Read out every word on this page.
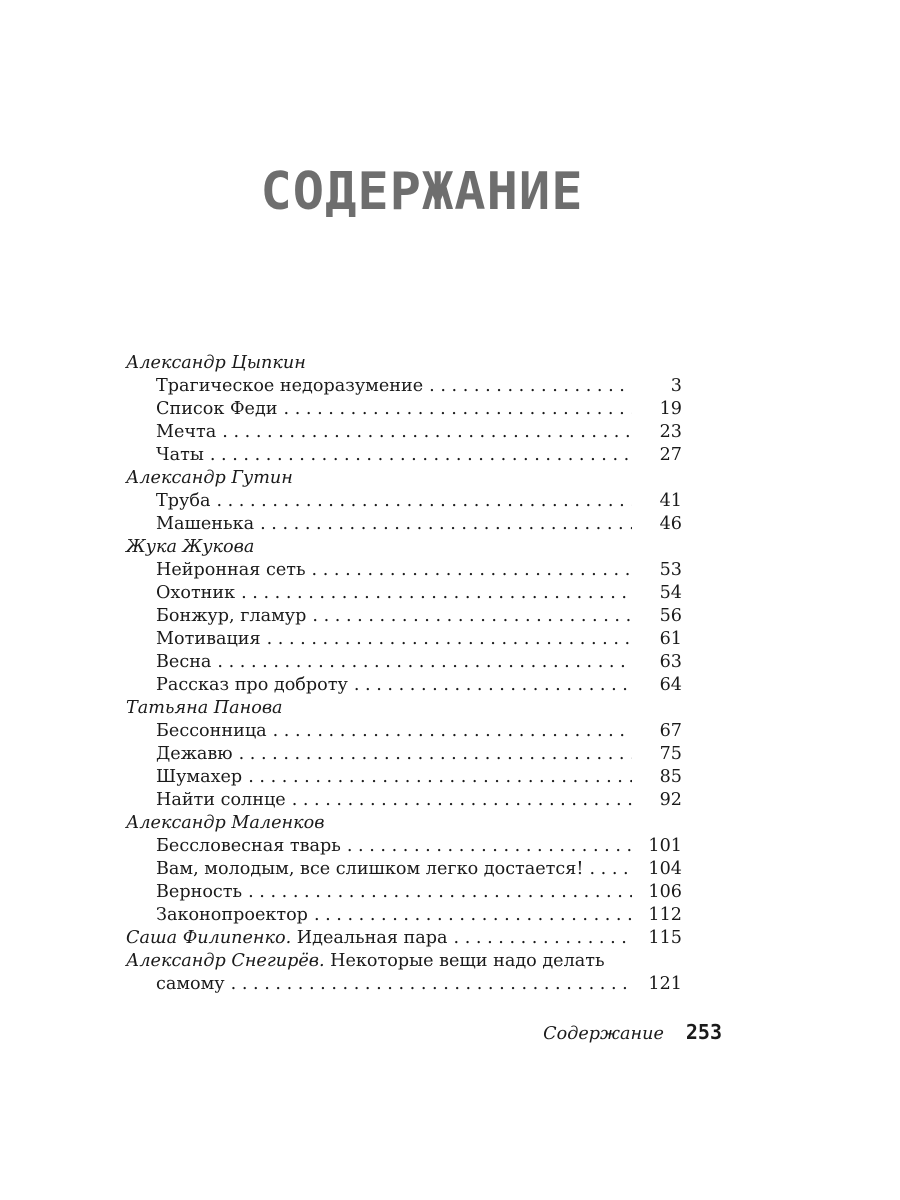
СОДЕРЖАНИЕ
Александр Цыпкин
Трагическое недоразумение . . .	3
Список Феди . . .	19
Мечта . . .	23
Чаты . . .	27
Александр Гутин
Труба . . .	41
Машенька . . .	46
Жука Жукова
Нейронная сеть . . .	53
Охотник . . .	54
Бонжур, гламур . . .	56
Мотивация . . .	61
Весна . . .	63
Рассказ про доброту . . .	64
Татьяна Панова
Бессонница . . .	67
Дежавю . . .	75
Шумахер . . .	85
Найти солнце . . .	92
Александр Маленков
Бессловесная тварь . . .	101
Вам, молодым, все слишком легко достается! . . .	104
Верность . . .	106
Законопроектор . . .	112
Саша Филипенко. Идеальная пара . . .	115
Александр Снегирёв. Некоторые вещи надо делать
самому . . .	121
Содержание 253
